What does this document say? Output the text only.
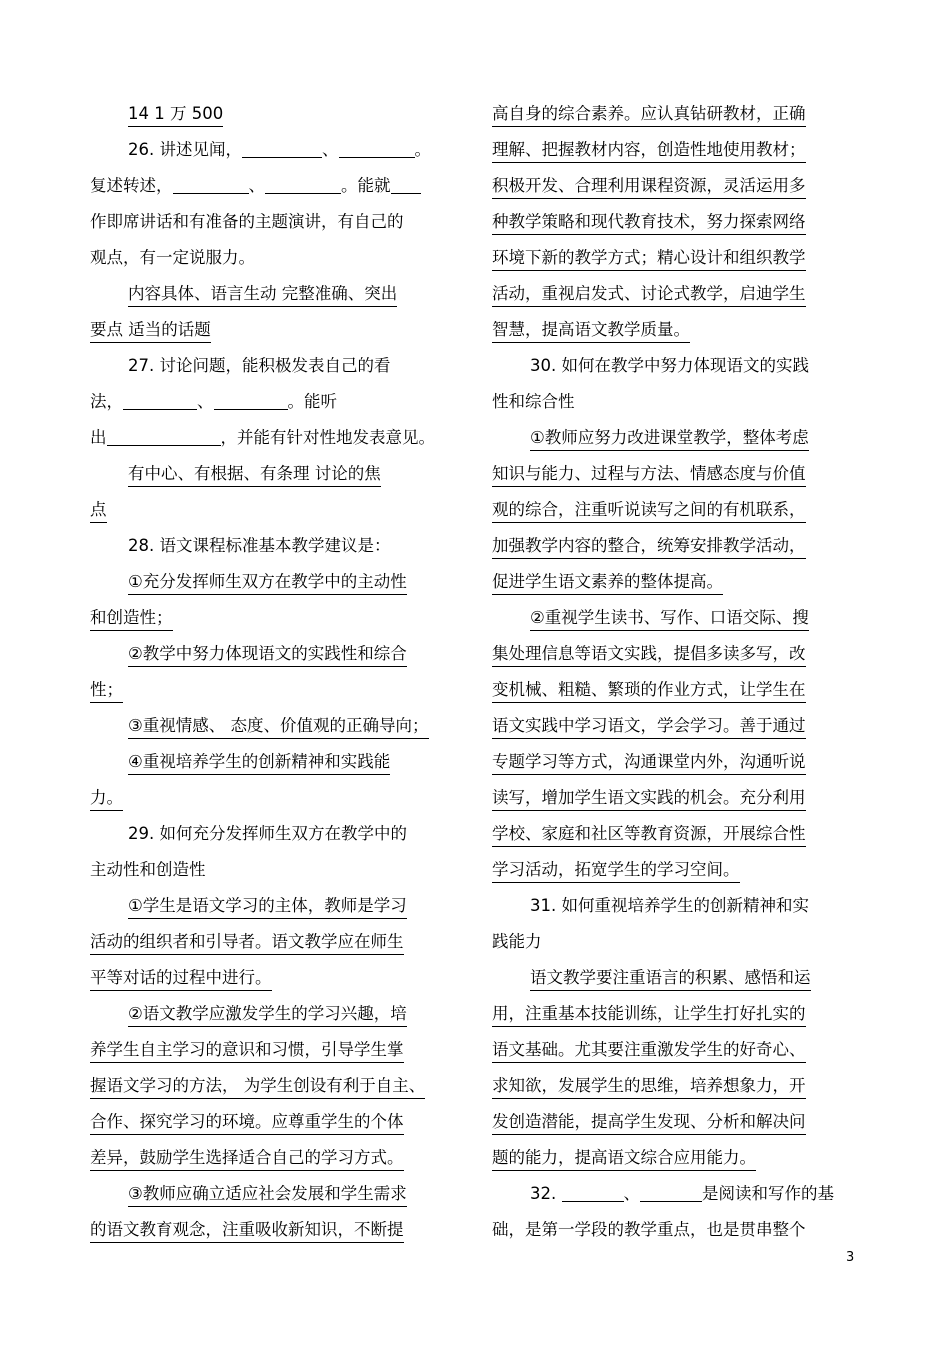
14 1 万 500
26. 讲述见闻，	、	。
复述转述，	、	。能就
作即席讲话和有准备的主题演讲，有自己的
观点，有一定说服力。
内容具体、语言生动 完整准确、突出
要点 适当的话题
27. 讨论问题，能积极发表自己的看
法，	、	。能听
出	，并能有针对性地发表意见。
有中心、有根据、有条理 讨论的焦
点
28. 语文课程标准基本教学建议是：
①充分发挥师生双方在教学中的主动性
和创造性；
②教学中努力体现语文的实践性和综合
性；
③重视情感、 态度、价值观的正确导向；
④重视培养学生的创新精神和实践能
力。
29. 如何充分发挥师生双方在教学中的
主动性和创造性
①学生是语文学习的主体，教师是学习
活动的组织者和引导者。语文教学应在师生
平等对话的过程中进行。
②语文教学应激发学生的学习兴趣，培
养学生自主学习的意识和习惯，引导学生掌
握语文学习的方法， 为学生创设有利于自主、
合作、探究学习的环境。应尊重学生的个体
差异，鼓励学生选择适合自己的学习方式。
③教师应确立适应社会发展和学生需求
的语文教育观念，注重吸收新知识，不断提
高自身的综合素养。应认真钻研教材，正确
理解、把握教材内容，创造性地使用教材；
积极开发、合理利用课程资源，灵活运用多
种教学策略和现代教育技术，努力探索网络
环境下新的教学方式；精心设计和组织教学
活动，重视启发式、讨论式教学，启迪学生
智慧，提高语文教学质量。
30. 如何在教学中努力体现语文的实践
性和综合性
①教师应努力改进课堂教学，整体考虑
知识与能力、过程与方法、情感态度与价值
观的综合，注重听说读写之间的有机联系，
加强教学内容的整合，统筹安排教学活动，
促进学生语文素养的整体提高。
②重视学生读书、写作、口语交际、搜
集处理信息等语文实践，提倡多读多写，改
变机械、粗糙、繁琐的作业方式，让学生在
语文实践中学习语文，学会学习。善于通过
专题学习等方式，沟通课堂内外，沟通听说
读写，增加学生语文实践的机会。充分利用
学校、家庭和社区等教育资源，开展综合性
学习活动，拓宽学生的学习空间。
31. 如何重视培养学生的创新精神和实
践能力
语文教学要注重语言的积累、感悟和运
用，注重基本技能训练，让学生打好扎实的
语文基础。尤其要注重激发学生的好奇心、
求知欲，发展学生的思维，培养想象力，开
发创造潜能，提高学生发现、分析和解决问
题的能力，提高语文综合应用能力。
32.	、	是阅读和写作的基
础，是第一学段的教学重点，也是贯串整个
3
